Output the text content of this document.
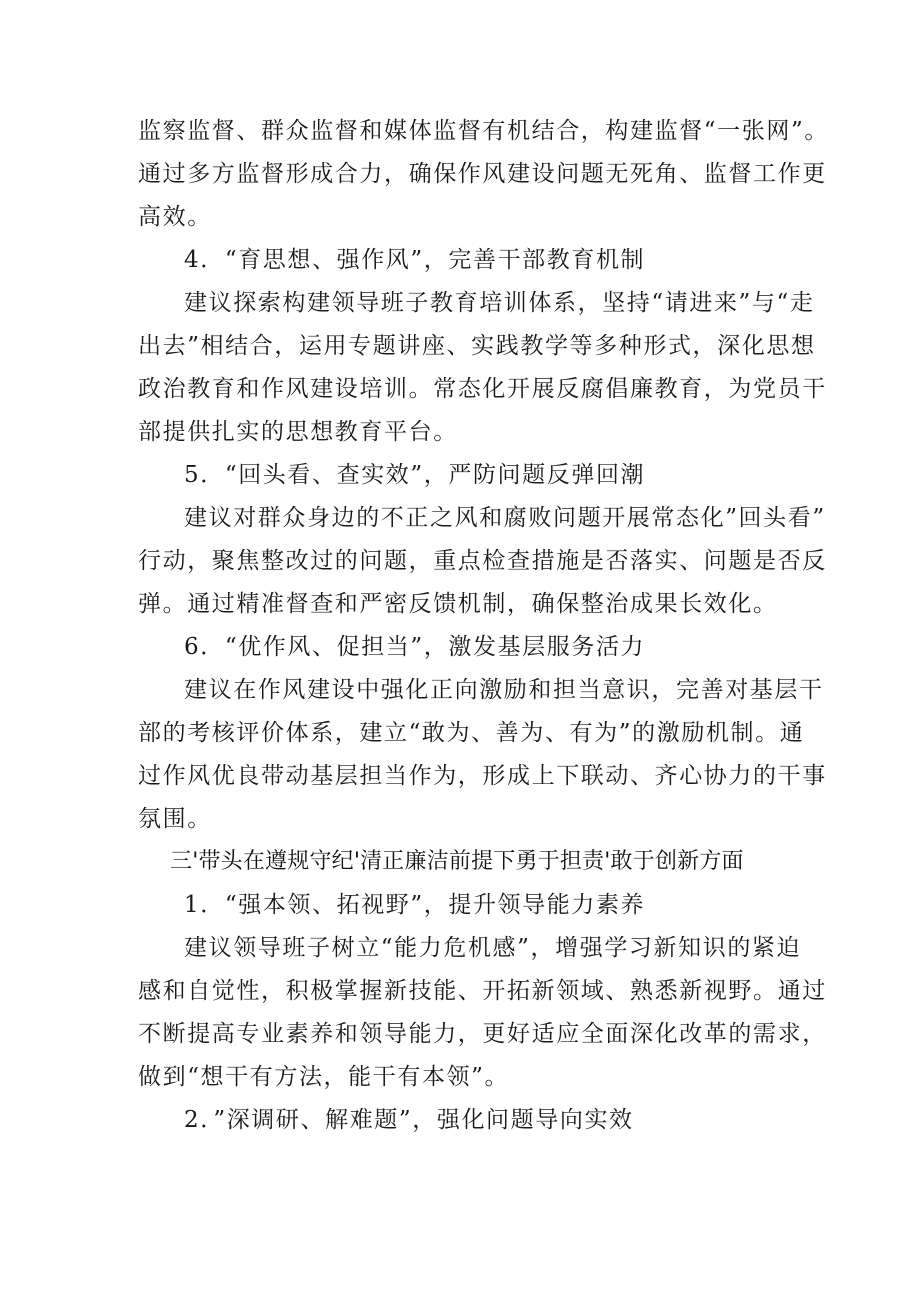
监察监督、群众监督和媒体监督有机结合，构建监督“一张网”。
通过多方监督形成合力，确保作风建设问题无死角、监督工作更
高效。
4．“育思想、强作风”，完善干部教育机制
建议探索构建领导班子教育培训体系，坚持“请进来”与“走
出去”相结合，运用专题讲座、实践教学等多种形式，深化思想
政治教育和作风建设培训。常态化开展反腐倡廉教育，为党员干
部提供扎实的思想教育平台。
5．“回头看、查实效”，严防问题反弹回潮
建议对群众身边的不正之风和腐败问题开展常态化”回头看”
行动，聚焦整改过的问题，重点检查措施是否落实、问题是否反
弹。通过精准督查和严密反馈机制，确保整治成果长效化。
6．“优作风、促担当”，激发基层服务活力
建议在作风建设中强化正向激励和担当意识，完善对基层干
部的考核评价体系，建立“敢为、善为、有为”的激励机制。通
过作风优良带动基层担当作为，形成上下联动、齐心协力的干事
氛围。
三'带头在遵规守纪'清正廉洁前提下勇于担责'敢于创新方面
1．“强本领、拓视野”，提升领导能力素养
建议领导班子树立“能力危机感”，增强学习新知识的紧迫
感和自觉性，积极掌握新技能、开拓新领域、熟悉新视野。通过
不断提高专业素养和领导能力，更好适应全面深化改革的需求，
做到“想干有方法，能干有本领”。
2．”深调研、解难题”，强化问题导向实效
